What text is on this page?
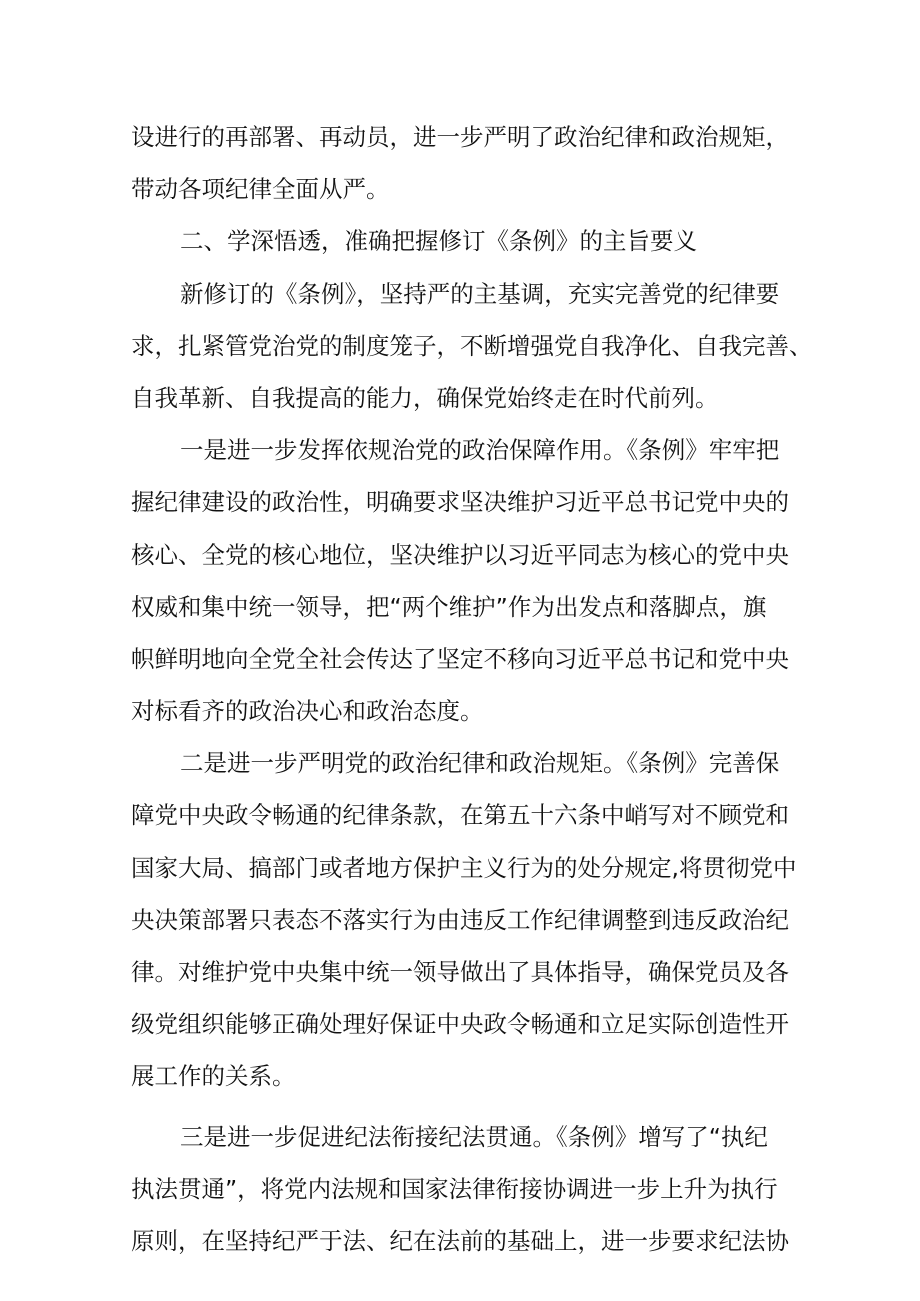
设进行的再部署、再动员，进一步严明了政治纪律和政治规矩，
带动各项纪律全面从严。
二、学深悟透，准确把握修订《条例》的主旨要义
新修订的《条例》，坚持严的主基调，充实完善党的纪律要
求，扎紧管党治党的制度笼子，不断增强党自我净化、自我完善、
自我革新、自我提高的能力，确保党始终走在时代前列。
一是进一步发挥依规治党的政治保障作用。《条例》牢牢把
握纪律建设的政治性，明确要求坚决维护习近平总书记党中央的
核心、全党的核心地位，坚决维护以习近平同志为核心的党中央
权威和集中统一领导，把“两个维护”作为出发点和落脚点，旗
帜鲜明地向全党全社会传达了坚定不移向习近平总书记和党中央
对标看齐的政治决心和政治态度。
二是进一步严明党的政治纪律和政治规矩。《条例》完善保
障党中央政令畅通的纪律条款，在第五十六条中峭写对不顾党和
国家大局、搞部门或者地方保护主义行为的处分规定,将贯彻党中
央决策部署只表态不落实行为由违反工作纪律调整到违反政治纪
律。对维护党中央集中统一领导做出了具体指导，确保党员及各
级党组织能够正确处理好保证中央政令畅通和立足实际创造性开
展工作的关系。
三是进一步促进纪法衔接纪法贯通。《条例》增写了“执纪
执法贯通”，将党内法规和国家法律衔接协调进一步上升为执行
原则，在坚持纪严于法、纪在法前的基础上，进一步要求纪法协
